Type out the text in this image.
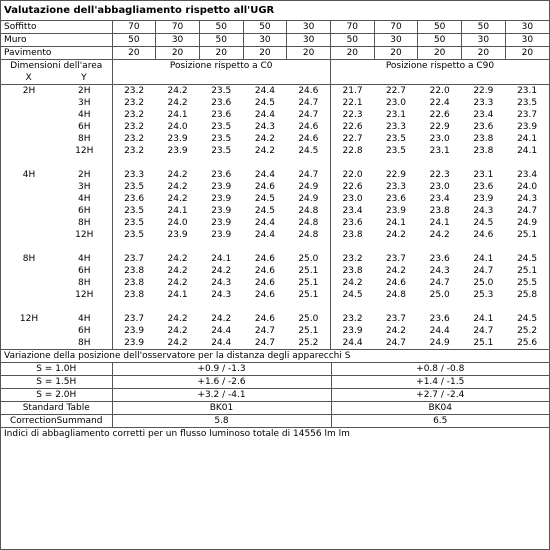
Valutazione dell'abbagliamento rispetto all'UGR
Soffitto	70	70	50	50	30	70	70	50	50	30
Muro	50	30	50	30	30	50	30	50	30	30
Pavimento	20	20	20	20	20	20	20	20	20	20
Dimensioni dell'area
X Y		Posizione rispetto a C0					Posizione rispetto a C90				
2H	2H	23.2	24.2	23.5	24.4	24.6	21.7	22.7	22.0	22.9	23.1
	3H	23.2	24.2	23.6	24.5	24.7	22.1	23.0	22.4	23.3	23.5
	4H	23.2	24.1	23.6	24.4	24.7	22.3	23.1	22.6	23.4	23.7
	6H	23.2	24.0	23.5	24.3	24.6	22.6	23.3	22.9	23.6	23.9
	8H	23.2	23.9	23.5	24.2	24.6	22.7	23.5	23.0	23.8	24.1
	12H	23.2	23.9	23.5	24.2	24.5	22.8	23.5	23.1	23.8	24.1

4H	2H	23.3	24.2	23.6	24.4	24.7	22.0	22.9	22.3	23.1	23.4
	3H	23.5	24.2	23.9	24.6	24.9	22.6	23.3	23.0	23.6	24.0
	4H	23.6	24.2	23.9	24.5	24.9	23.0	23.6	23.4	23.9	24.3
	6H	23.5	24.1	23.9	24.5	24.8	23.4	23.9	23.8	24.3	24.7
	8H	23.5	24.0	23.9	24.4	24.8	23.6	24.1	24.1	24.5	24.9
	12H	23.5	23.9	23.9	24.4	24.8	23.8	24.2	24.2	24.6	25.1

8H	4H	23.7	24.2	24.1	24.6	25.0	23.2	23.7	23.6	24.1	24.5
	6H	23.8	24.2	24.2	24.6	25.1	23.8	24.2	24.3	24.7	25.1
	8H	23.8	24.2	24.3	24.6	25.1	24.2	24.6	24.7	25.0	25.5
	12H	23.8	24.1	24.3	24.6	25.1	24.5	24.8	25.0	25.3	25.8

12H	4H	23.7	24.2	24.2	24.6	25.0	23.2	23.7	23.6	24.1	24.5
	6H	23.9	24.2	24.4	24.7	25.1	23.9	24.2	24.4	24.7	25.2
	8H	23.9	24.2	24.4	24.7	25.2	24.4	24.7	24.9	25.1	25.6
Variazione della posizione dell'osservatore per la distanza degli apparecchi S
S = 1.0H	+0.9 / -1.3	+0.8 / -0.8
S = 1.5H	+1.6 / -2.6	+1.4 / -1.5
S = 2.0H	+3.2 / -4.1	+2.7 / -2.4
Standard Table	BK01	BK04
CorrectionSummand	5.8	6.5
Indici di abbagliamento corretti per un flusso luminoso totale di 14556 lm lm
